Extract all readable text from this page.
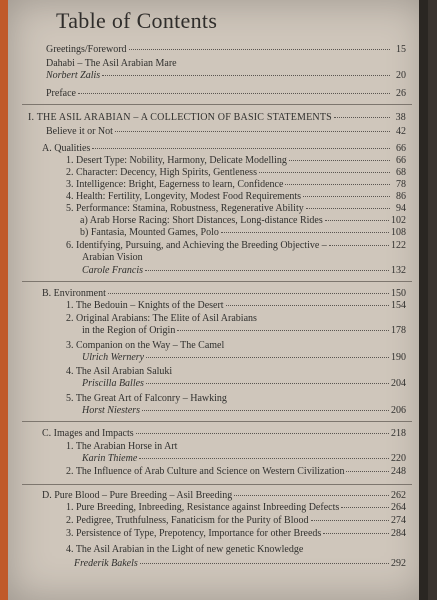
Table of Contents
Greetings/Foreword	15
Dahabi – The Asil Arabian Mare
Norbert Zalis	20
Preface	26
I. THE ASIL ARABIAN – A COLLECTION OF BASIC STATEMENTS	38
Believe it or Not	42
A. Qualities	66
1. Desert Type: Nobility, Harmony, Delicate Modelling	66
2. Character: Decency, High Spirits, Gentleness	68
3. Intelligence: Bright, Eagerness to learn, Confidence	78
4. Health: Fertility, Longevity, Modest Food Requirements	86
5. Performance: Stamina, Robustness, Regenerative Ability	94
a) Arab Horse Racing: Short Distances, Long-distance Rides	102
b) Fantasia, Mounted Games, Polo	108
6. Identifying, Pursuing, and Achieving the Breeding Objective –	122
Arabian Vision
Carole Francis	132
B. Environment	150
1. The Bedouin – Knights of the Desert	154
2. Original Arabians: The Elite of Asil Arabians
in the Region of Origin	178
3. Companion on the Way – The Camel
Ulrich Wernery	190
4. The Asil Arabian Saluki
Priscilla Balles	204
5. The Great Art of Falconry – Hawking
Horst Niesters	206
C. Images and Impacts	218
1. The Arabian Horse in Art
Karin Thieme	220
2. The Influence of Arab Culture and Science on Western Civilization	248
D. Pure Blood – Pure Breeding – Asil Breeding	262
1. Pure Breeding, Inbreeding, Resistance against Inbreeding Defects	264
2. Pedigree, Truthfulness, Fanaticism for the Purity of Blood	274
3. Persistence of Type, Prepotency, Importance for other Breeds	284
4. The Asil Arabian in the Light of new genetic Knowledge
Frederik Bakels	292
